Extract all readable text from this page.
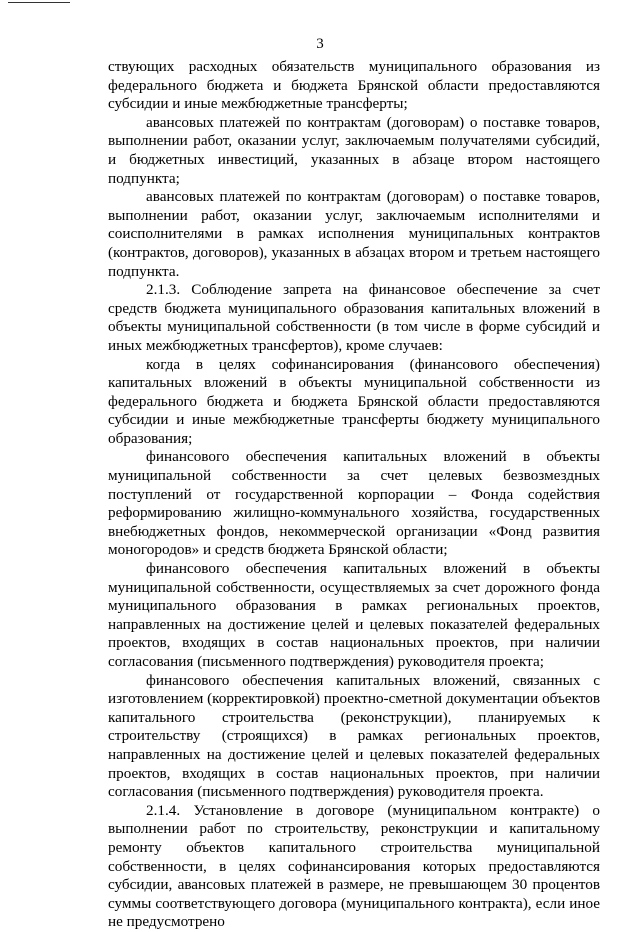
3

ствующих расходных обязательств муниципального образования из федерального бюджета и бюджета Брянской области предоставляются субсидии и иные межбюджетные трансферты;

авансовых платежей по контрактам (договорам) о поставке товаров, выполнении работ, оказании услуг, заключаемым получателями субсидий, и бюджетных инвестиций, указанных в абзаце втором настоящего подпункта;

авансовых платежей по контрактам (договорам) о поставке товаров, выполнении работ, оказании услуг, заключаемым исполнителями и соисполнителями в рамках исполнения муниципальных контрактов (контрактов, договоров), указанных в абзацах втором и третьем настоящего подпункта.

2.1.3. Соблюдение запрета на финансовое обеспечение за счет средств бюджета муниципального образования капитальных вложений в объекты муниципальной собственности (в том числе в форме субсидий и иных межбюджетных трансфертов), кроме случаев:

когда в целях софинансирования (финансового обеспечения) капитальных вложений в объекты муниципальной собственности из федерального бюджета и бюджета Брянской области предоставляются субсидии и иные межбюджетные трансферты бюджету муниципального образования;

финансового обеспечения капитальных вложений в объекты муниципальной собственности за счет целевых безвозмездных поступлений от государственной корпорации – Фонда содействия реформированию жилищно-коммунального хозяйства, государственных внебюджетных фондов, некоммерческой организации «Фонд развития моногородов» и средств бюджета Брянской области;

финансового обеспечения капитальных вложений в объекты муниципальной собственности, осуществляемых за счет дорожного фонда муниципального образования в рамках региональных проектов, направленных на достижение целей и целевых показателей федеральных проектов, входящих в состав национальных проектов, при наличии согласования (письменного подтверждения) руководителя проекта;

финансового обеспечения капитальных вложений, связанных с изготовлением (корректировкой) проектно-сметной документации объектов капитального строительства (реконструкции), планируемых к строительству (строящихся) в рамках региональных проектов, направленных на достижение целей и целевых показателей федеральных проектов, входящих в состав национальных проектов, при наличии согласования (письменного подтверждения) руководителя проекта.

2.1.4. Установление в договоре (муниципальном контракте) о выполнении работ по строительству, реконструкции и капитальному ремонту объектов капитального строительства муниципальной собственности, в целях софинансирования которых предоставляются субсидии, авансовых платежей в размере, не превышающем 30 процентов суммы соответствующего договора (муниципального контракта), если иное не предусмотрено
